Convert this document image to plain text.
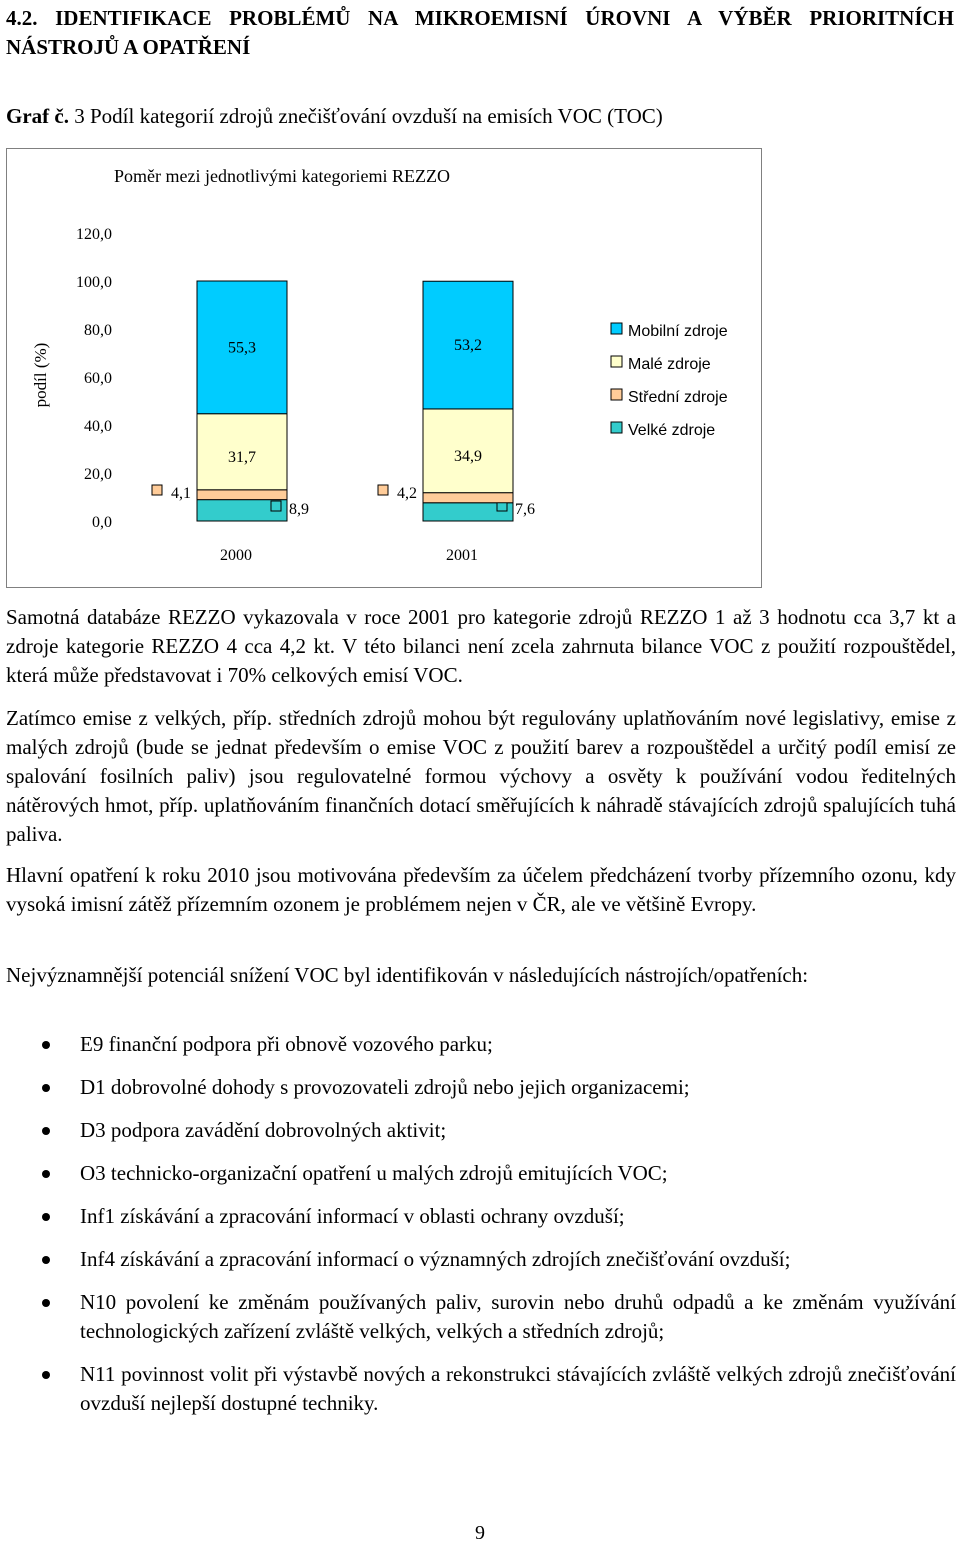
4.2. IDENTIFIKACE PROBLÉMŮ NA MIKROEMISNÍ ÚROVNI A VÝBĚR PRIORITNÍCH NÁSTROJŮ A OPATŘENÍ

Graf č. 3 Podíl kategorií zdrojů znečišťování ovzduší na emisích VOC (TOC)

Poměr mezi jednotlivými kategoriemi REZZO
podíl (%)
0,0
20,0
40,0
60,0
80,0
100,0
120,0
8,9
4,1
31,7
55,3
7,6
4,2
34,9
53,2
2000	2001
Mobilní zdroje
Malé zdroje
Střední zdroje
Velké zdroje

Samotná databáze REZZO vykazovala v roce 2001 pro kategorie zdrojů REZZO 1 až 3 hodnotu cca 3,7 kt a zdroje kategorie REZZO 4 cca 4,2 kt. V této bilanci není zcela zahrnuta bilance VOC z použití rozpouštědel, která může představovat i 70% celkových emisí VOC.

Zatímco emise z velkých, příp. středních zdrojů mohou být regulovány uplatňováním nové legislativy, emise z malých zdrojů (bude se jednat především o emise VOC z použití barev a rozpouštědel a určitý podíl emisí ze spalování fosilních paliv) jsou regulovatelné formou výchovy a osvěty k používání vodou ředitelných nátěrových hmot, příp. uplatňováním finančních dotací směřujících k náhradě stávajících zdrojů spalujících tuhá paliva.

Hlavní opatření k roku 2010 jsou motivována především za účelem předcházení tvorby přízemního ozonu, kdy vysoká imisní zátěž přízemním ozonem je problémem nejen v ČR, ale ve většině Evropy.

Nejvýznamnější potenciál snížení VOC byl identifikován v následujících nástrojích/opatřeních:

E9 finanční podpora při obnově vozového parku;
D1 dobrovolné dohody s provozovateli zdrojů nebo jejich organizacemi;
D3 podpora zavádění dobrovolných aktivit;
O3 technicko-organizační opatření u malých zdrojů emitujících VOC;
Inf1 získávání a zpracování informací v oblasti ochrany ovzduší;
Inf4 získávání a zpracování informací o významných zdrojích znečišťování ovzduší;
N10 povolení ke změnám používaných paliv, surovin nebo druhů odpadů a ke změnám využívání technologických zařízení zvláště velkých, velkých a středních zdrojů;
N11 povinnost volit při výstavbě nových a rekonstrukci stávajících zvláště velkých zdrojů znečišťování ovzduší nejlepší dostupné techniky.

9
